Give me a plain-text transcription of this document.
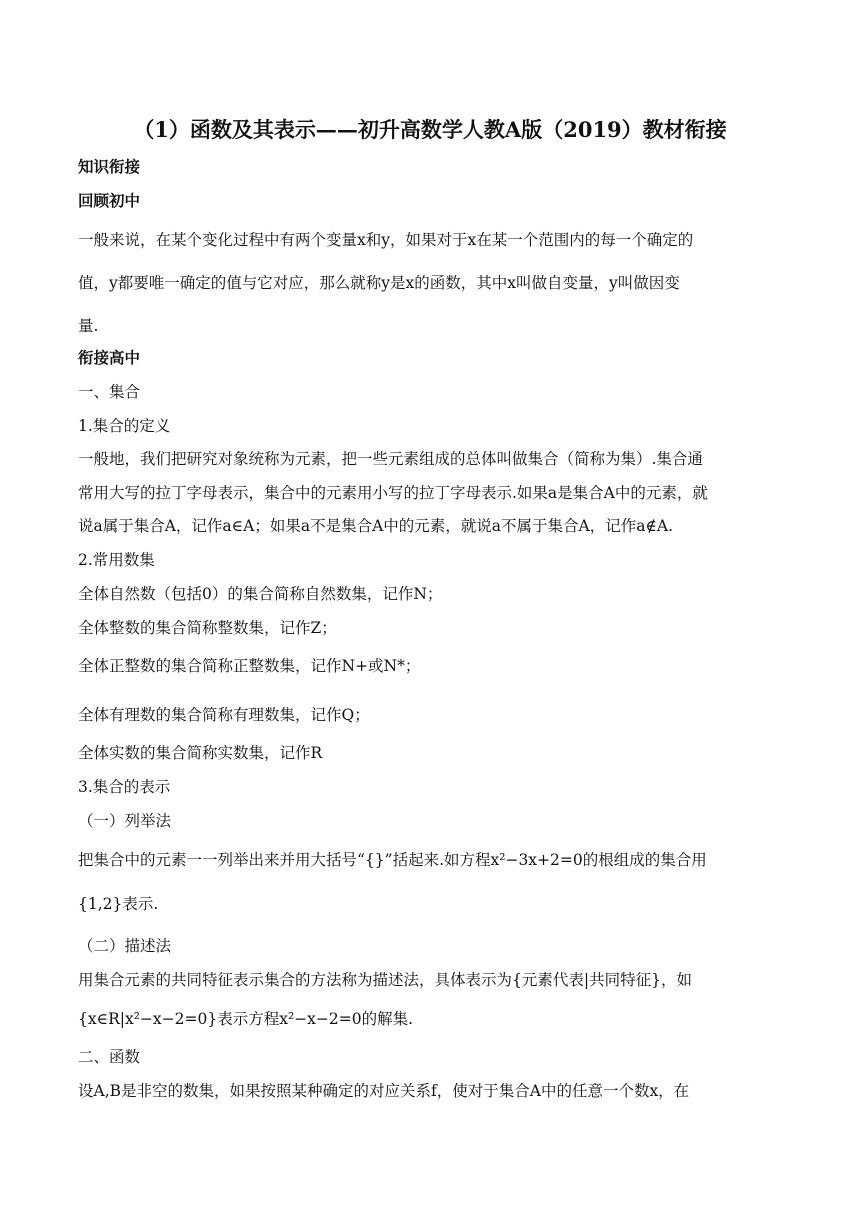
（1）函数及其表示——初升高数学人教A版（2019）教材衔接
知识衔接
回顾初中
一般来说，在某个变化过程中有两个变量x和y，如果对于x在某一个范围内的每一个确定的
值，y都要唯一确定的值与它对应，那么就称y是x的函数，其中x叫做自变量，y叫做因变
量.
衔接高中
一、集合
1.集合的定义
一般地，我们把研究对象统称为元素，把一些元素组成的总体叫做集合（简称为集）.集合通
常用大写的拉丁字母表示，集合中的元素用小写的拉丁字母表示.如果a是集合A中的元素，就
说a属于集合A，记作a∈A；如果a不是集合A中的元素，就说a不属于集合A，记作a∉A.
2.常用数集
全体自然数（包括0）的集合简称自然数集，记作N；
全体整数的集合简称整数集，记作Z；
全体正整数的集合简称正整数集，记作N+或N*；
全体有理数的集合简称有理数集，记作Q；
全体实数的集合简称实数集，记作R
3.集合的表示
（一）列举法
把集合中的元素一一列举出来并用大括号“{}”括起来.如方程x²−3x+2=0的根组成的集合用
{1,2}表示.
（二）描述法
用集合元素的共同特征表示集合的方法称为描述法，具体表示为{元素代表|共同特征}，如
{x∈R|x²−x−2=0}表示方程x²−x−2=0的解集.
二、函数
设A,B是非空的数集，如果按照某种确定的对应关系f，使对于集合A中的任意一个数x，在
